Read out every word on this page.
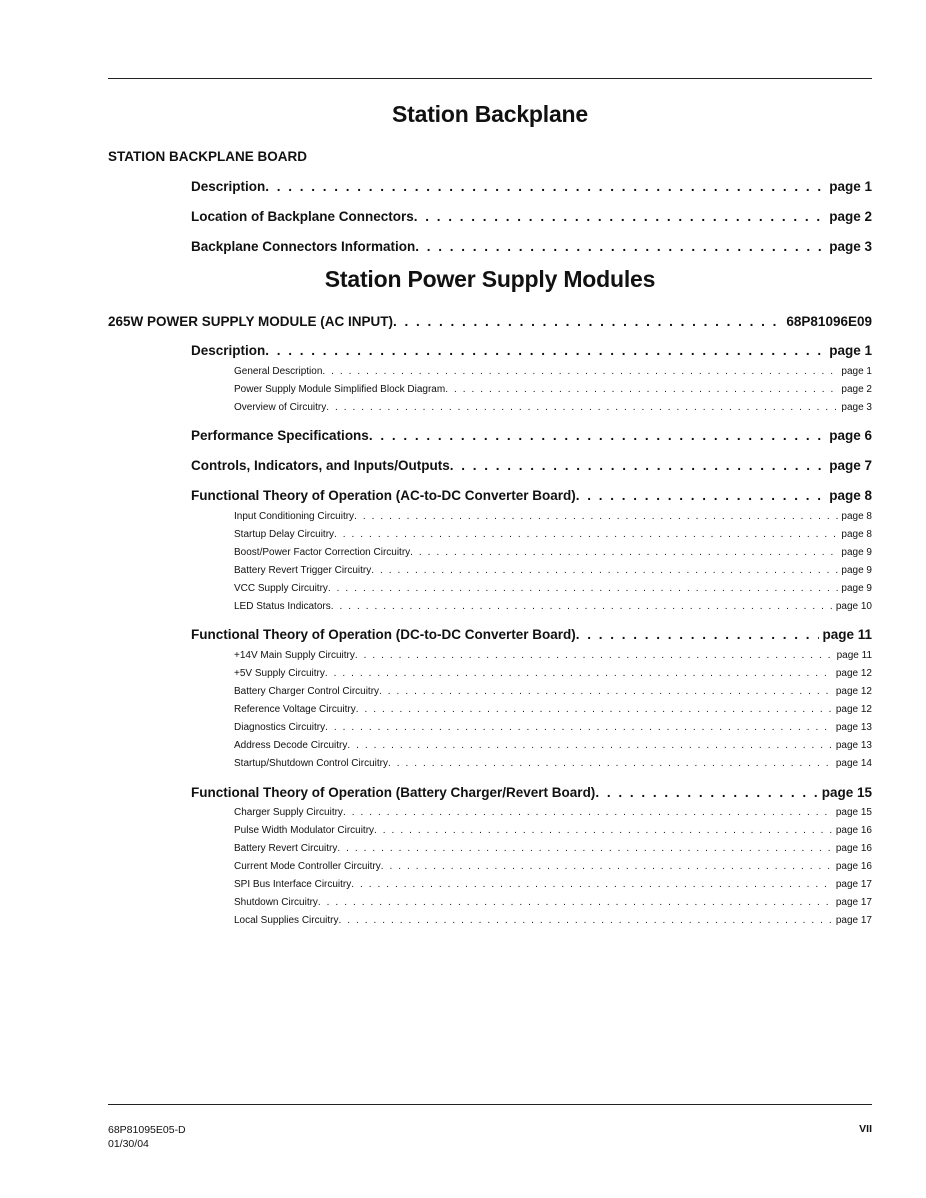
Station Backplane
STATION BACKPLANE BOARD
Description . . .	page 1
Location of Backplane Connectors . . .	page 2
Backplane Connectors Information . . .	page 3
Station Power Supply Modules
265W POWER SUPPLY MODULE (AC INPUT) . . .	68P81096E09
Description . . .	page 1
General Description . . .	page 1
Power Supply Module Simplified Block Diagram . . .	page 2
Overview of Circuitry . . .	page 3
Performance Specifications . . .	page 6
Controls, Indicators, and Inputs/Outputs . . .	page 7
Functional Theory of Operation (AC-to-DC Converter Board) . . .	page 8
Input Conditioning Circuitry . . .	page 8
Startup Delay Circuitry . . .	page 8
Boost/Power Factor Correction Circuitry . . .	page 9
Battery Revert Trigger Circuitry . . .	page 9
VCC Supply Circuitry . . .	page 9
LED Status Indicators . . .	page 10
Functional Theory of Operation (DC-to-DC Converter Board) . . .	page 11
+14V Main Supply Circuitry . . .	page 11
+5V Supply Circuitry . . .	page 12
Battery Charger Control Circuitry . . .	page 12
Reference Voltage Circuitry . . .	page 12
Diagnostics Circuitry . . .	page 13
Address Decode Circuitry . . .	page 13
Startup/Shutdown Control Circuitry . . .	page 14
Functional Theory of Operation (Battery Charger/Revert Board) . . .	page 15
Charger Supply Circuitry . . .	page 15
Pulse Width Modulator Circuitry . . .	page 16
Battery Revert Circuitry . . .	page 16
Current Mode Controller Circuitry . . .	page 16
SPI Bus Interface Circuitry . . .	page 17
Shutdown Circuitry . . .	page 17
Local Supplies Circuitry . . .	page 17
68P81095E05-D
01/30/04
VII
